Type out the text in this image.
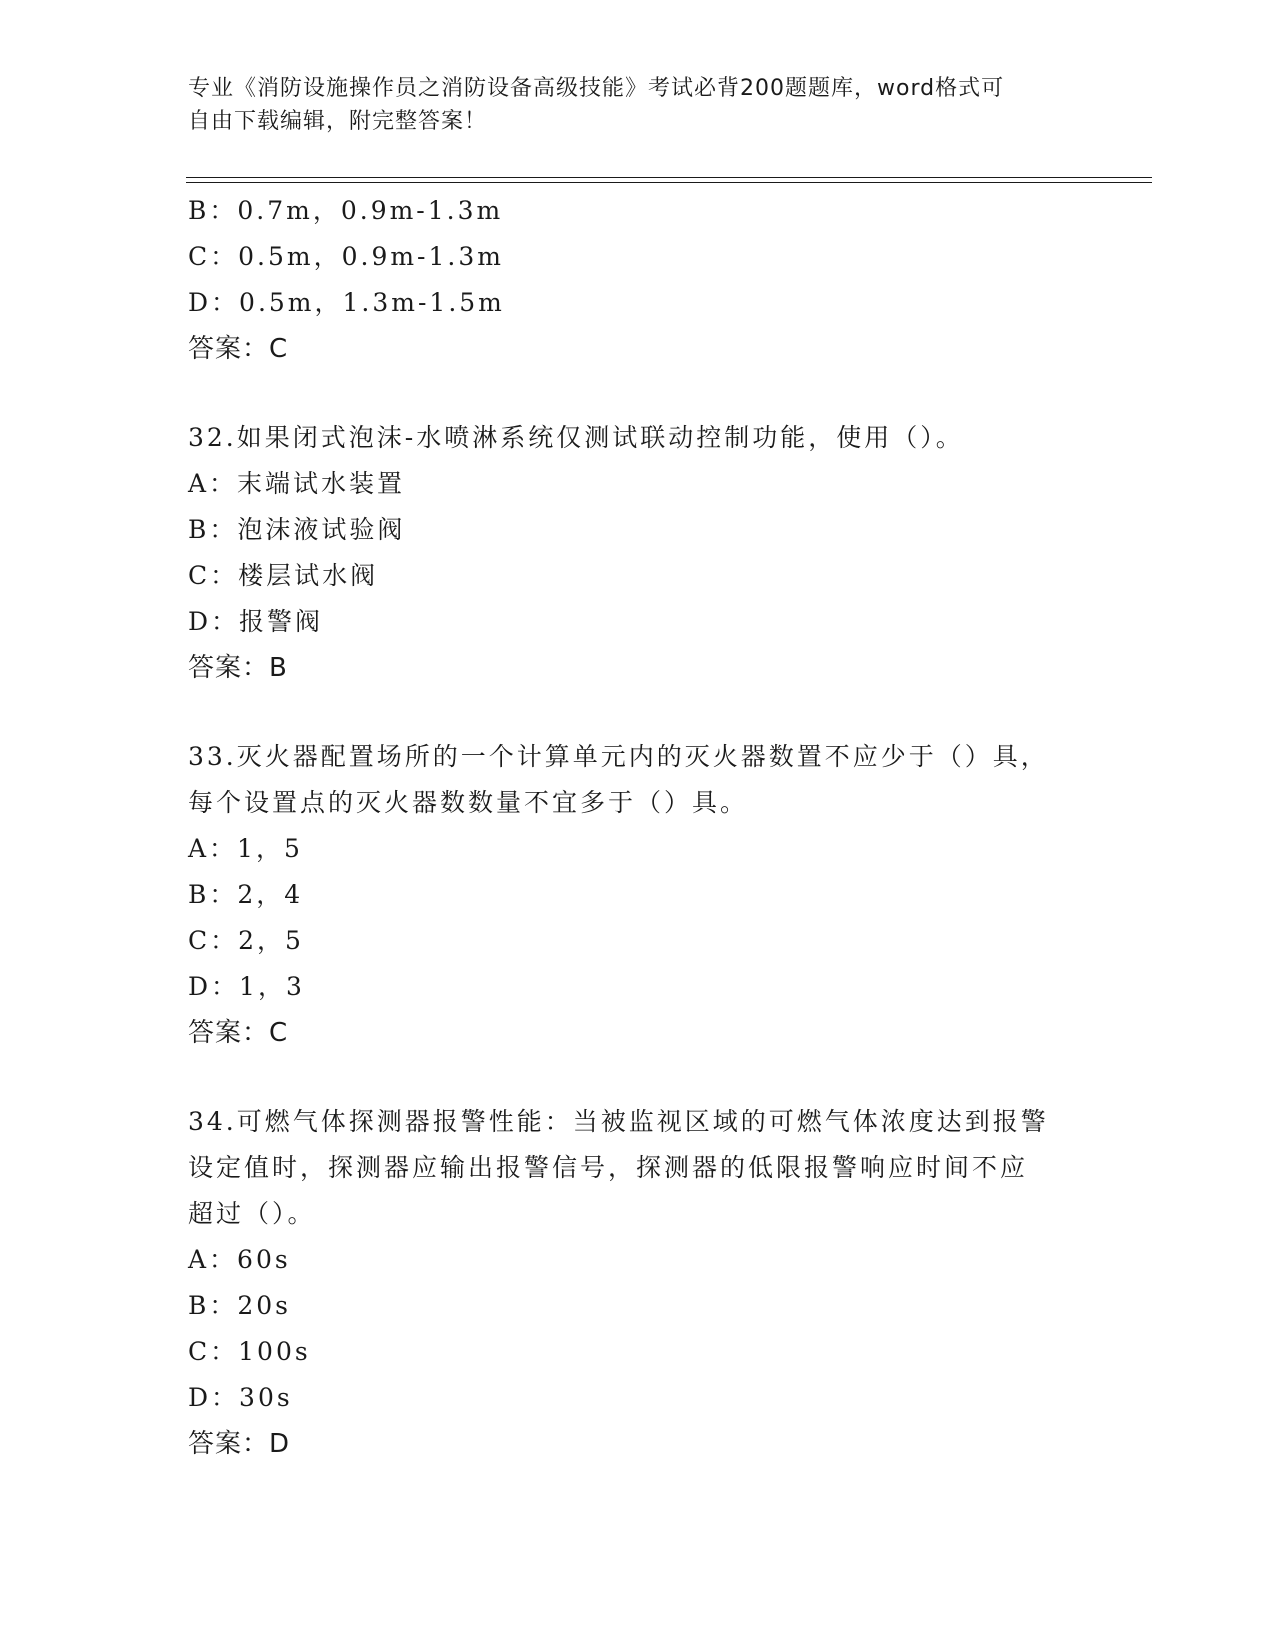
专业《消防设施操作员之消防设备高级技能》考试必背200题题库，word格式可
自由下载编辑，附完整答案！
B：0.7m，0.9m-1.3m
C：0.5m，0.9m-1.3m
D：0.5m，1.3m-1.5m
答案：C
32.如果闭式泡沫-水喷淋系统仅测试联动控制功能，使用（）。
A：末端试水装置
B：泡沫液试验阀
C：楼层试水阀
D：报警阀
答案：B
33.灭火器配置场所的一个计算单元内的灭火器数置不应少于（）具，
每个设置点的灭火器数数量不宜多于（）具。
A：1，5
B：2，4
C：2，5
D：1，3
答案：C
34.可燃气体探测器报警性能：当被监视区域的可燃气体浓度达到报警
设定值时，探测器应输出报警信号，探测器的低限报警响应时间不应
超过（）。
A：60s
B：20s
C：100s
D：30s
答案：D
